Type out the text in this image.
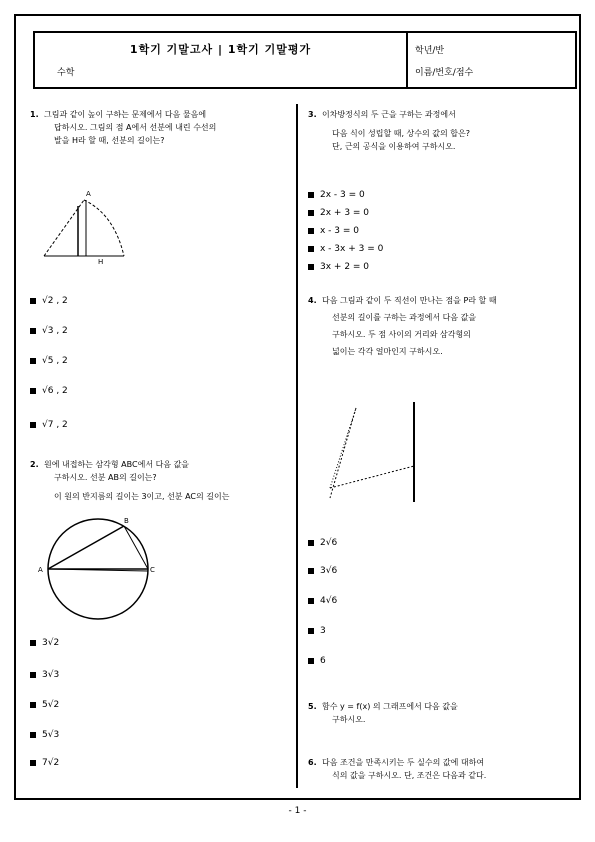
1학기 기말고사 | 1학기 기말평가
수학
학년/반
이름/번호/점수
1. 그림과 같이 높이 구하는 문제에서 다음 물음에
답하시오. 그림의 점 A에서 선분에 내린 수선의
발을 H라 할 때, 선분의 길이는?
A
H
√2 , 2
√3 , 2
√5 , 2
√6 , 2
√7 , 2
2. 원에 내접하는 삼각형 ABC에서 다음 값을
구하시오. 선분 AB의 길이는?
이 원의 반지름의 길이는 3이고, 선분 AC의 길이는
A
B
C
3√2
3√3
5√2
5√3
7√2
3. 이차방정식의 두 근을 구하는 과정에서
다음 식이 성립할 때, 상수의 값의 합은?
단, 근의 공식을 이용하여 구하시오.
2x - 3 = 0
2x + 3 = 0
x - 3 = 0
x - 3x + 3 = 0
3x + 2 = 0
4. 다음 그림과 같이 두 직선이 만나는 점을 P라 할 때
선분의 길이를 구하는 과정에서 다음 값을
구하시오. 두 점 사이의 거리와 삼각형의
넓이는 각각 얼마인지 구하시오.
2√6
3√6
4√6
3
6
5. 함수 y = f(x) 의 그래프에서 다음 값을
구하시오.
6. 다음 조건을 만족시키는 두 실수의 값에 대하여
식의 값을 구하시오. 단, 조건은 다음과 같다.
- 1 -
